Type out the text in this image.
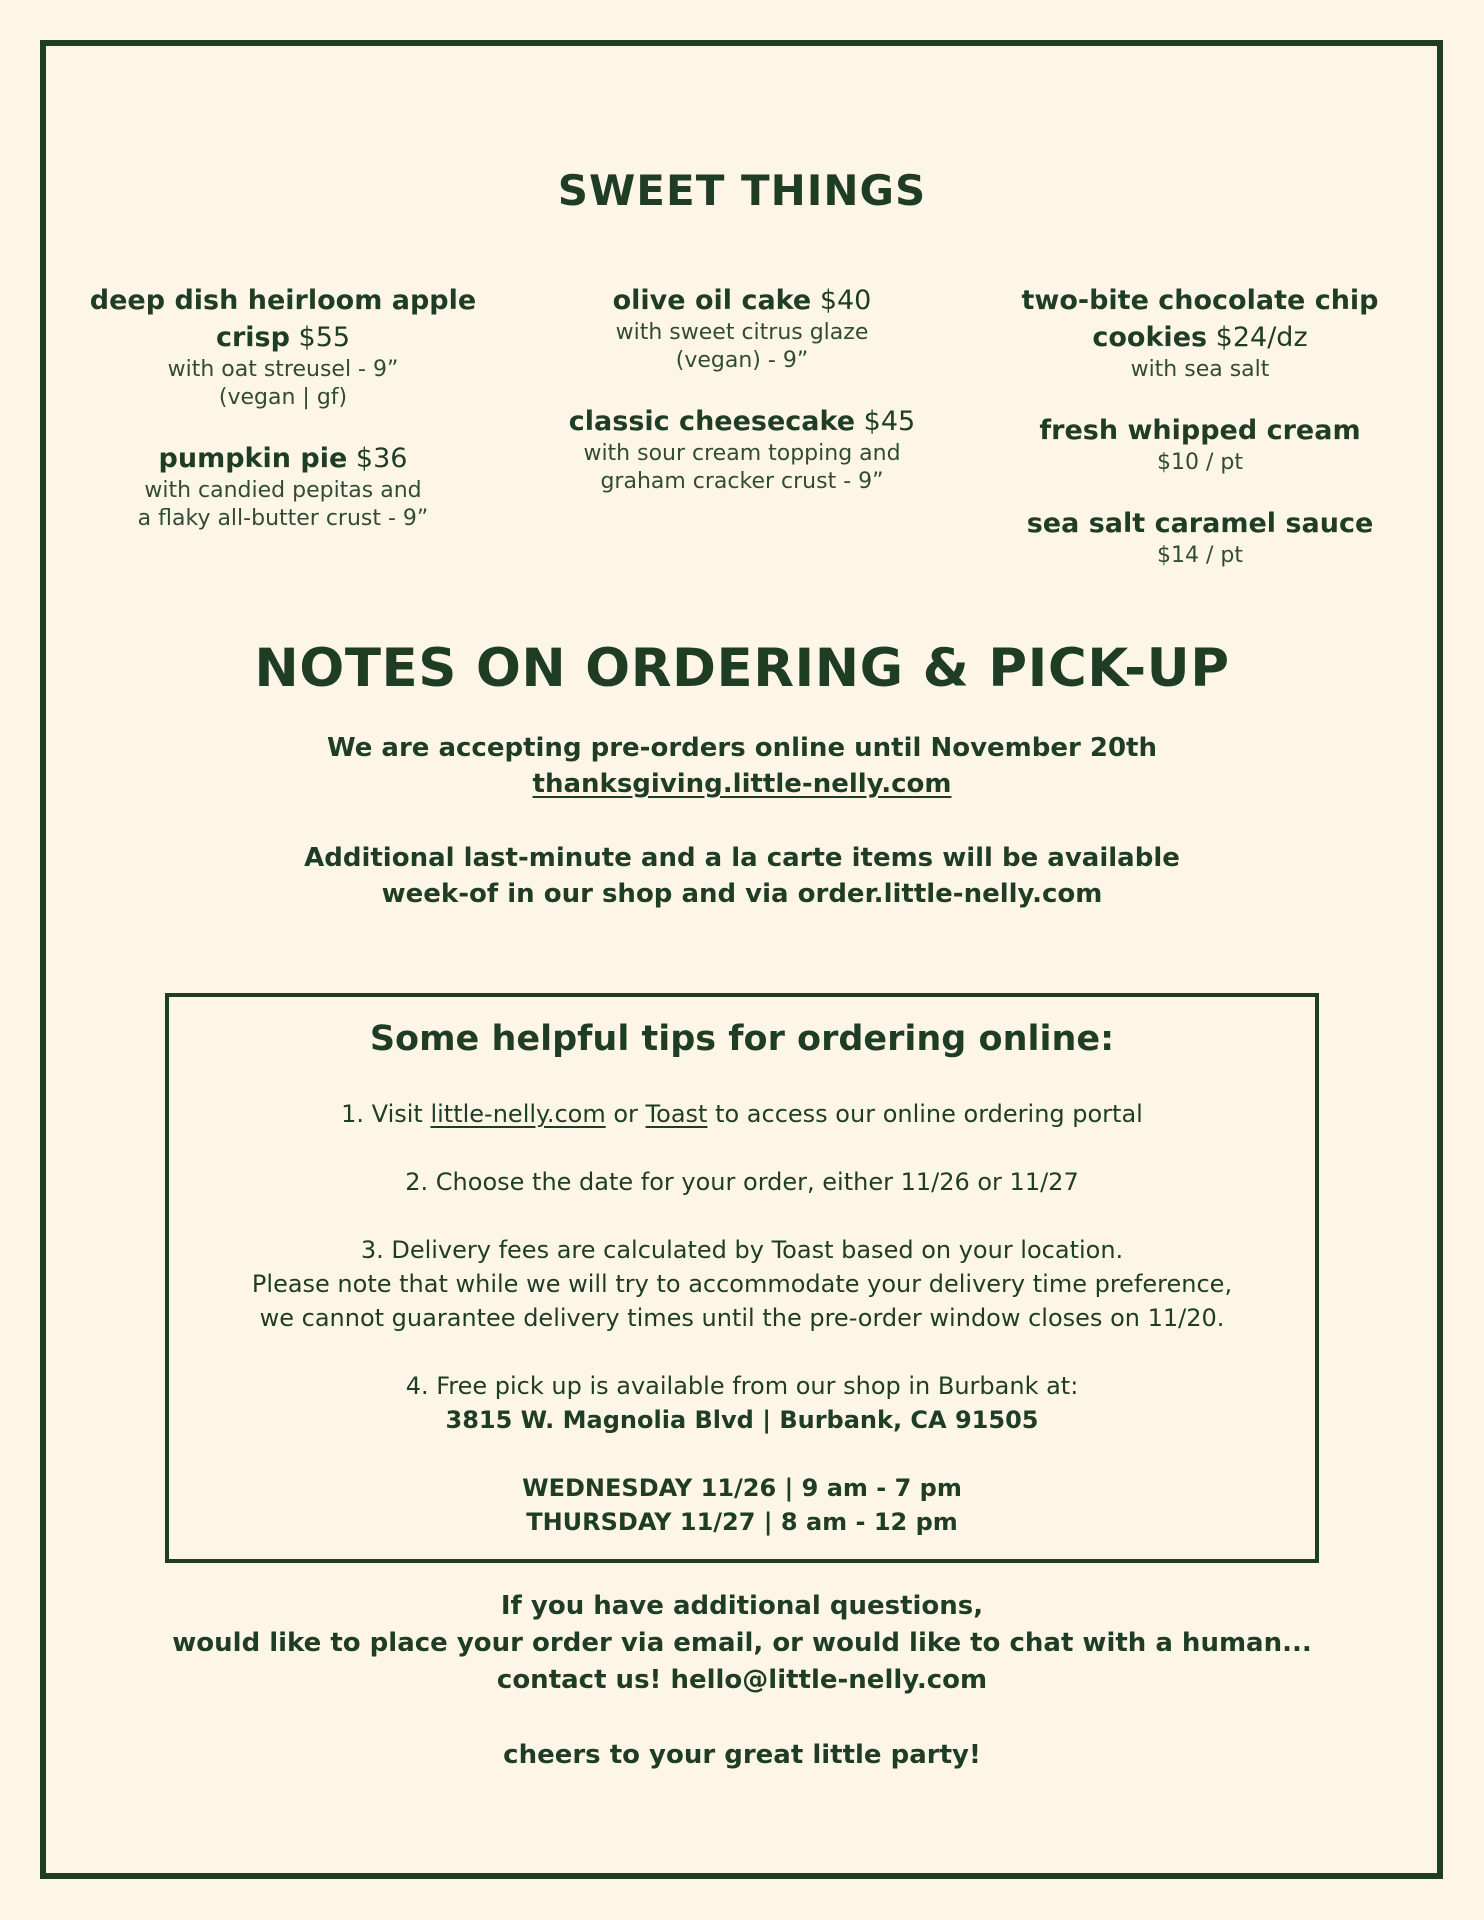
SWEET THINGS
deep dish heirloom apple crisp $55
with oat streusel - 9”
(vegan | gf)
pumpkin pie $36
with candied pepitas and
a flaky all-butter crust - 9”
olive oil cake $40
with sweet citrus glaze
(vegan) - 9”
classic cheesecake $45
with sour cream topping and
graham cracker crust - 9”
two-bite chocolate chip cookies $24/dz
with sea salt
fresh whipped cream
$10 / pt
sea salt caramel sauce
$14 / pt
NOTES ON ORDERING & PICK-UP
We are accepting pre-orders online until November 20th
thanksgiving.little-nelly.com
Additional last-minute and a la carte items will be available
week-of in our shop and via order.little-nelly.com
Some helpful tips for ordering online:
1. Visit little-nelly.com or Toast to access our online ordering portal
2. Choose the date for your order, either 11/26 or 11/27
3. Delivery fees are calculated by Toast based on your location.
Please note that while we will try to accommodate your delivery time preference,
we cannot guarantee delivery times until the pre-order window closes on 11/20.
4. Free pick up is available from our shop in Burbank at:
3815 W. Magnolia Blvd | Burbank, CA 91505
WEDNESDAY 11/26 | 9 am - 7 pm
THURSDAY 11/27 | 8 am - 12 pm
If you have additional questions,
would like to place your order via email, or would like to chat with a human...
contact us! hello@little-nelly.com
cheers to your great little party!
